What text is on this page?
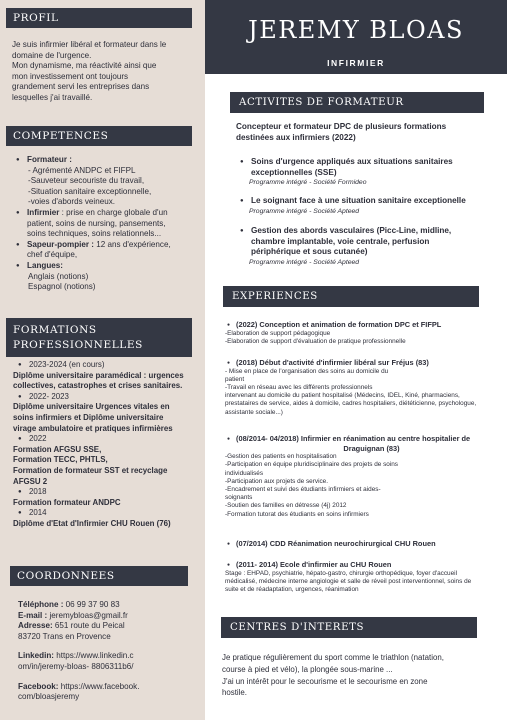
PROFIL
Je suis infirmier libéral et formateur dans le
domaine de l'urgence.
Mon dynamisme, ma réactivité ainsi que
mon investissement ont toujours
grandement servi les entreprises dans
lesquelles j'ai travaillé.
COMPETENCES
● Formateur :
- Agrémenté ANDPC et FIFPL
-Sauveteur secouriste du travail,
-Situation sanitaire exceptionnelle,
-voies d'abords veineux.
● Infirmier : prise en charge globale d'un
patient, soins de nursing, pansements,
soins techniques, soins relationnels...
● Sapeur-pompier : 12 ans d'expérience,
chef d'équipe,
● Langues:
Anglais (notions)
Espagnol (notions)
FORMATIONS
PROFESSIONNELLES
● 2023-2024 (en cours)
Diplôme universitaire paramédical : urgences
collectives, catastrophes et crises sanitaires.
● 2022- 2023
Diplôme universitaire Urgences vitales en
soins infirmiers et Diplôme universitaire
virage ambulatoire et pratiques infirmières
● 2022
Formation AFGSU SSE,
Formation TECC, PHTLS,
Formation de formateur SST et recyclage
AFGSU 2
● 2018
Formation formateur ANDPC
● 2014
Diplôme d'Etat d'Infirmier CHU Rouen (76)
COORDONNEES
Téléphone : 06 99 37 90 83
E-mail : jeremybloas@gmail.fr
Adresse: 651 route du Peical
83720 Trans en Provence
Linkedin: https://www.linkedin.c
om/in/jeremy-bloas- 8806311b6/
Facebook: https://www.facebook.
com/bloasjeremy
JEREMY BLOAS
INFIRMIER
ACTIVITES DE FORMATEUR
Concepteur et formateur DPC de plusieurs formations
destinées aux infirmiers (2022)
● Soins d'urgence appliqués aux situations sanitaires
exceptionnelles (SSE)
Programme intégré - Société Formideo
● Le soignant face à une situation sanitaire exceptionelle
Programme intégré - Société Apteed
● Gestion des abords vasculaires (Picc-Line, midline,
chambre implantable, voie centrale, perfusion
périphérique et sous cutanée)
Programme intégré - Société Apteed
EXPERIENCES
● (2022) Conception et animation de formation DPC et FIFPL
-Elaboration de support pédagogique
-Elaboration de support d'évaluation de pratique professionnelle
● (2018) Début d'activité d'infirmier libéral sur Fréjus (83)
- Mise en place de l'organisation des soins au domicile du
patient
-Travail en réseau avec les différents professionnels
intervenant au domicile du patient hospitalisé (Médecins, IDEL, Kiné, pharmaciens,
prestataires de service, aides à domicile, cadres hospitaliers, diététicienne, psychologue,
assistante sociale...)
● (08/2014- 04/2018) Infirmier en réanimation au centre hospitalier de
Draguignan (83)
-Gestion des patients en hospitalisation
-Participation en équipe pluridisciplinaire des projets de soins
individualisés
-Participation aux projets de service.
-Encadrement et suivi des étudiants infirmiers et aides-
soignants
-Soutien des familles en détresse (4j) 2012
-Formation tutorat des étudiants en soins infirmiers
● (07/2014) CDD Réanimation neurochirurgical CHU Rouen
● (2011- 2014) Ecole d'infirmier au CHU Rouen
Stage : EHPAD, psychiatrie, hépato-gastro, chirurgie orthopédique, foyer d'accueil
médicalisé, médecine interne angiologie et salle de réveil post interventionnel, soins de
suite et de réadaptation, urgences, réanimation
CENTRES D'INTERETS
Je pratique régulièrement du sport comme le triathlon (natation,
course à pied et vélo), la plongée sous-marine ...
J'ai un intérêt pour le secourisme et le secourisme en zone
hostile.
